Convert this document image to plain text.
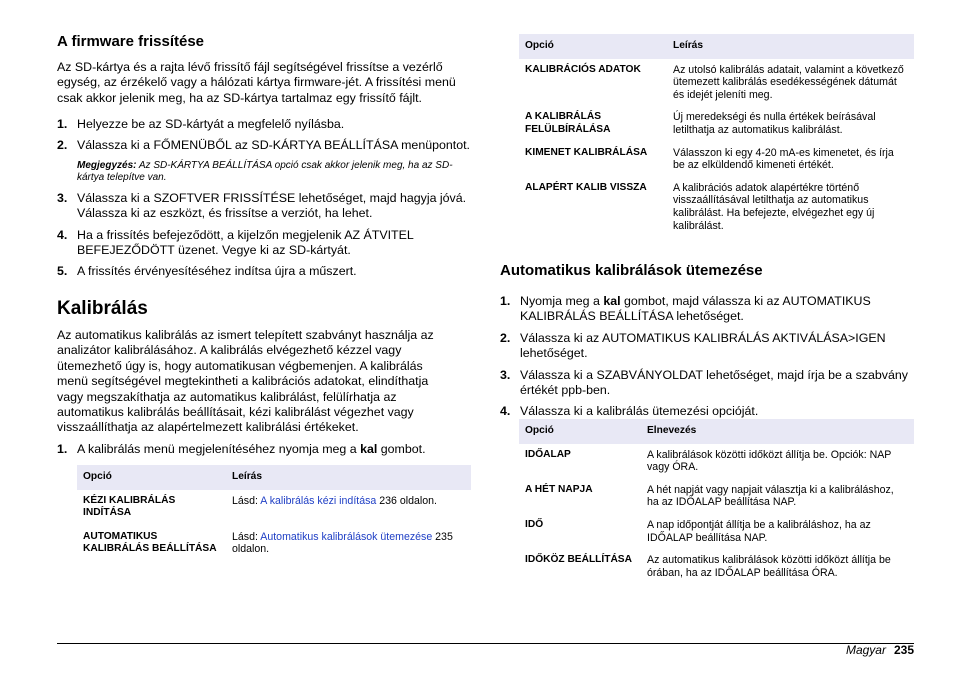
A firmware frissítése

Az SD-kártya és a rajta lévő frissítő fájl segítségével frissítse a vezérlő egység, az érzékelő vagy a hálózati kártya firmware-jét. A frissítési menü csak akkor jelenik meg, ha az SD-kártya tartalmaz egy frissítő fájlt.

1. Helyezze be az SD-kártyát a megfelelő nyílásba.
2. Válassza ki a FŐMENÜBŐL az SD-KÁRTYA BEÁLLÍTÁSA menüpontot.
Megjegyzés: Az SD-KÁRTYA BEÁLLÍTÁSA opció csak akkor jelenik meg, ha az SD-kártya telepítve van.
3. Válassza ki a SZOFTVER FRISSÍTÉSE lehetőséget, majd hagyja jóvá. Válassza ki az eszközt, és frissítse a verziót, ha lehet.
4. Ha a frissítés befejeződött, a kijelzőn megjelenik AZ ÁTVITEL BEFEJEZŐDÖTT üzenet. Vegye ki az SD-kártyát.
5. A frissítés érvényesítéséhez indítsa újra a műszert.
Kalibrálás

Az automatikus kalibrálás az ismert telepített szabványt használja az analizátor kalibrálásához. A kalibrálás elvégezhető kézzel vagy ütemezhető úgy is, hogy automatikusan végbemenjen. A kalibrálás menü segítségével megtekintheti a kalibrációs adatokat, elindíthatja vagy megszakíthatja az automatikus kalibrálást, felülírhatja az automatikus kalibrálás beállításait, kézi kalibrálást végezhet vagy visszaállíthatja az alapértelmezett kalibrálási értékeket.

1. A kalibrálás menü megjelenítéséhez nyomja meg a kal gombot.
Opció	Leírás
KÉZI KALIBRÁLÁS INDÍTÁSA	Lásd: A kalibrálás kézi indítása 236 oldalon.
AUTOMATIKUS KALIBRÁLÁS BEÁLLÍTÁSA	Lásd: Automatikus kalibrálások ütemezése 235 oldalon.
Opció	Leírás
KALIBRÁCIÓS ADATOK	Az utolsó kalibrálás adatait, valamint a következő ütemezett kalibrálás esedékességének dátumát és idejét jeleníti meg.
A KALIBRÁLÁS FELÜLBÍRÁLÁSA	Új meredekségi és nulla értékek beírásával letilthatja az automatikus kalibrálást.
KIMENET KALIBRÁLÁSA	Válasszon ki egy 4-20 mA-es kimenetet, és írja be az elküldendő kimeneti értékét.
ALAPÉRT KALIB VISSZA	A kalibrációs adatok alapértékre történő visszaállításával letilthatja az automatikus kalibrálást. Ha befejezte, elvégezhet egy új kalibrálást.
Automatikus kalibrálások ütemezése
1. Nyomja meg a kal gombot, majd válassza ki az AUTOMATIKUS KALIBRÁLÁS BEÁLLÍTÁSA lehetőséget.
2. Válassza ki az AUTOMATIKUS KALIBRÁLÁS AKTIVÁLÁSA>IGEN lehetőséget.
3. Válassza ki a SZABVÁNYOLDAT lehetőséget, majd írja be a szabvány értékét ppb-ben.
4. Válassza ki a kalibrálás ütemezési opcióját.
Opció	Elnevezés
IDŐALAP	A kalibrálások közötti időközt állítja be. Opciók: NAP vagy ÓRA.
A HÉT NAPJA	A hét napját vagy napjait választja ki a kalibráláshoz, ha az IDŐALAP beállítása NAP.
IDŐ	A nap időpontját állítja be a kalibráláshoz, ha az IDŐALAP beállítása NAP.
IDŐKÖZ BEÁLLÍTÁSA	Az automatikus kalibrálások közötti időközt állítja be órában, ha az IDŐALAP beállítása ÓRA.
Magyar 235
